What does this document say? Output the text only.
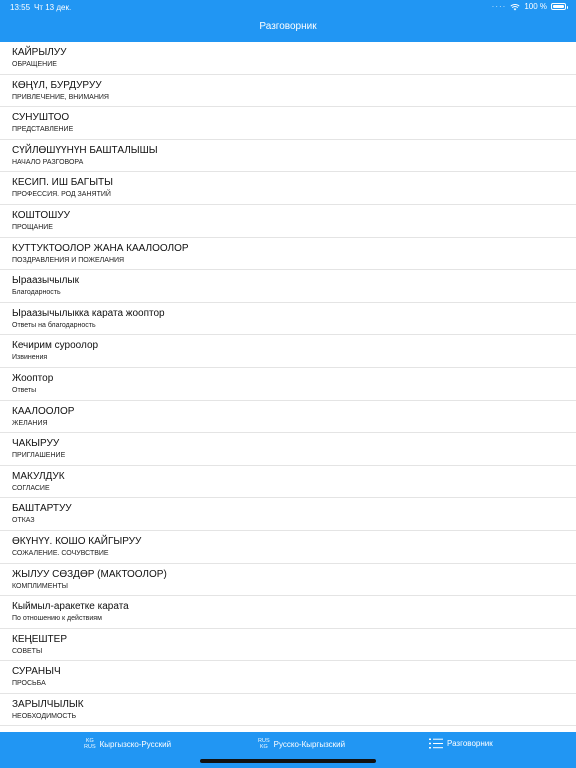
13:55 Чт 13 дек.	···· 100 %
Разговорник
КАЙРЫЛУУ
ОБРАЩЕНИЕ
КӨҢҮЛ, БУРДУРУУ
ПРИВЛЕЧЕНИЕ, ВНИМАНИЯ
СУНУШТОО
ПРЕДСТАВЛЕНИЕ
СҮЙЛӨШҮҮНҮН БАШТАЛЫШЫ
НАЧАЛО РАЗГОВОРА
КЕСИП. ИШ БАГЫТЫ
ПРОФЕССИЯ. РОД ЗАНЯТИЙ
КОШТОШУУ
ПРОЩАНИЕ
КУТТУКТООЛОР ЖАНА КААЛООЛОР
ПОЗДРАВЛЕНИЯ И ПОЖЕЛАНИЯ
Ыраазычылык
Благодарность
Ыраазычылыкка карата жооптор
Ответы на благодарность
Кечирим суроолор
Извинения
Жооптор
Ответы
КААЛООЛОР
ЖЕЛАНИЯ
ЧАКЫРУУ
ПРИГЛАШЕНИЕ
МАКУЛДУК
СОГЛАСИЕ
БАШТАРТУУ
ОТКАЗ
ӨКҮНҮҮ. КОШО КАЙГЫРУУ
СОЖАЛЕНИЕ. СОЧУВСТВИЕ
ЖЫЛУУ СӨЗДӨР (МАКТООЛОР)
КОМПЛИМЕНТЫ
Кыймыл-аракетке карата
По отношению к действиям
КЕҢЕШТЕР
СОВЕТЫ
СУРАНЫЧ
ПРОСЬБА
ЗАРЫЛЧЫЛЫК
НЕОБХОДИМОСТЬ
KG
RUS Кыргызско-Русский	RUS
KG Русско-Кыргызский	Разговорник
